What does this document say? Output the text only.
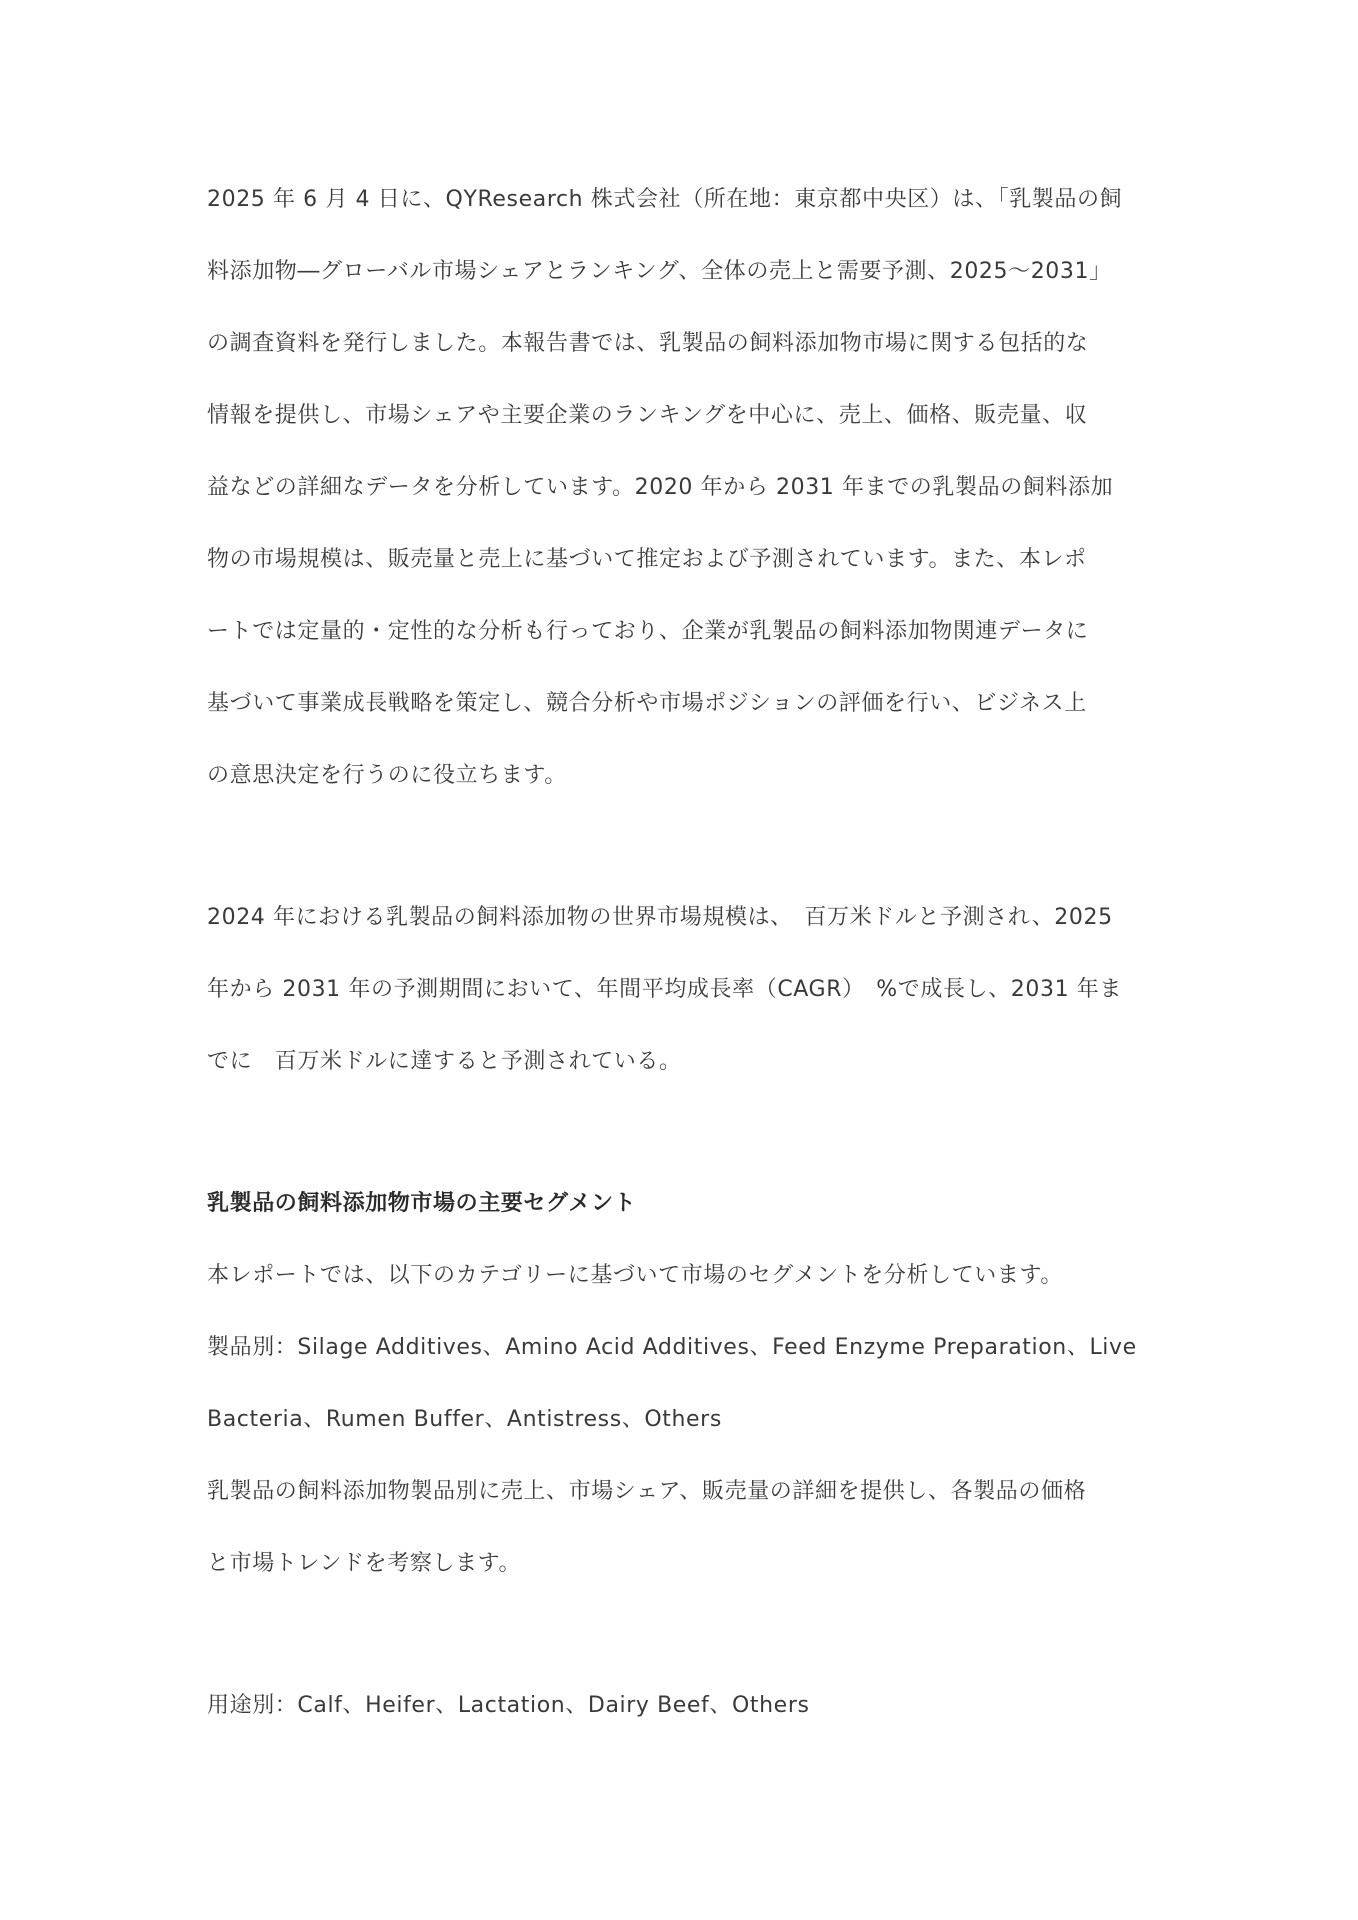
2025 年 6 月 4 日に、QYResearch 株式会社（所在地：東京都中央区）は、「乳製品の飼
料添加物―グローバル市場シェアとランキング、全体の売上と需要予測、2025～2031」
の調査資料を発行しました。本報告書では、乳製品の飼料添加物市場に関する包括的な
情報を提供し、市場シェアや主要企業のランキングを中心に、売上、価格、販売量、収
益などの詳細なデータを分析しています。2020 年から 2031 年までの乳製品の飼料添加
物の市場規模は、販売量と売上に基づいて推定および予測されています。また、本レポ
ートでは定量的・定性的な分析も行っており、企業が乳製品の飼料添加物関連データに
基づいて事業成長戦略を策定し、競合分析や市場ポジションの評価を行い、ビジネス上
の意思決定を行うのに役立ちます。
2024 年における乳製品の飼料添加物の世界市場規模は、　百万米ドルと予測され、2025
年から 2031 年の予測期間において、年間平均成長率（CAGR）　%で成長し、2031 年ま
でに　百万米ドルに達すると予測されている。
乳製品の飼料添加物市場の主要セグメント
本レポートでは、以下のカテゴリーに基づいて市場のセグメントを分析しています。
製品別：Silage Additives、Amino Acid Additives、Feed Enzyme Preparation、Live
Bacteria、Rumen Buffer、Antistress、Others
乳製品の飼料添加物製品別に売上、市場シェア、販売量の詳細を提供し、各製品の価格
と市場トレンドを考察します。
用途別：Calf、Heifer、Lactation、Dairy Beef、Others
